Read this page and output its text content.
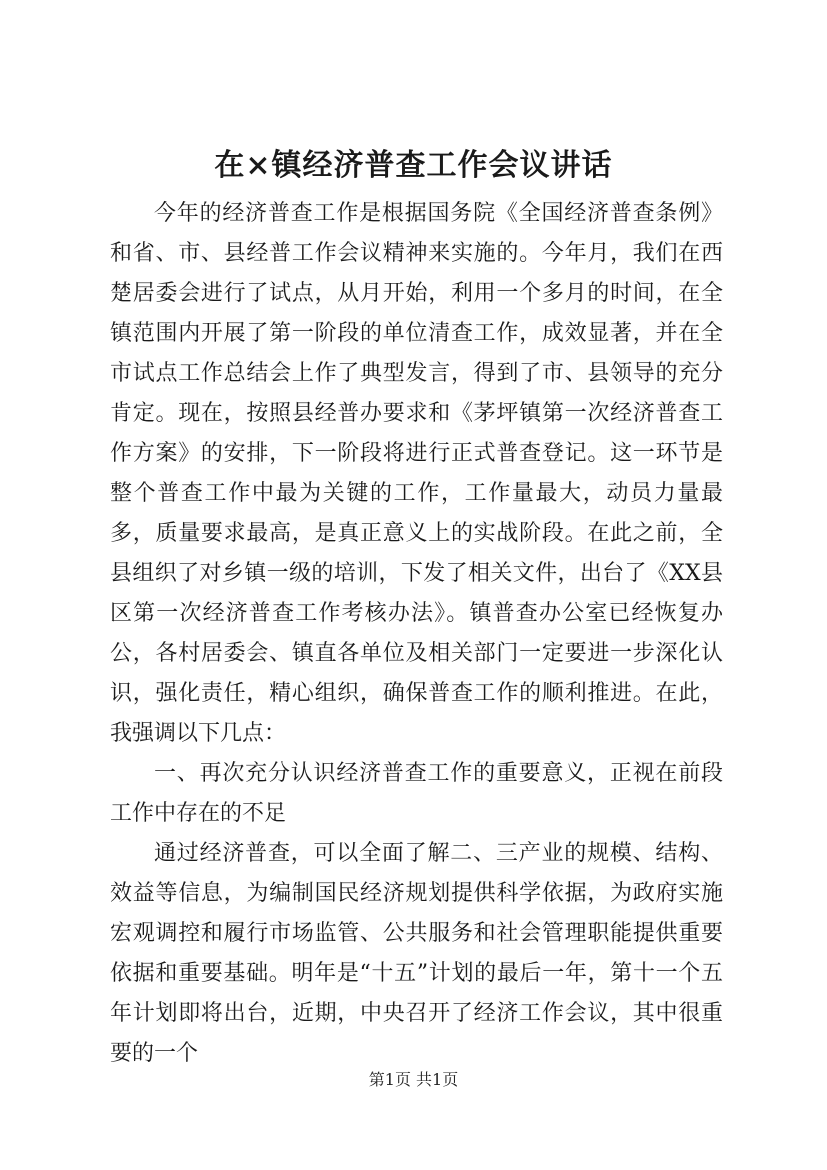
在×镇经济普查工作会议讲话

今年的经济普查工作是根据国务院《全国经济普查条例》和省、市、县经普工作会议精神来实施的。今年月，我们在西楚居委会进行了试点，从月开始，利用一个多月的时间，在全镇范围内开展了第一阶段的单位清查工作，成效显著，并在全市试点工作总结会上作了典型发言，得到了市、县领导的充分肯定。现在，按照县经普办要求和《茅坪镇第一次经济普查工作方案》的安排，下一阶段将进行正式普查登记。这一环节是整个普查工作中最为关键的工作，工作量最大，动员力量最多，质量要求最高，是真正意义上的实战阶段。在此之前，全县组织了对乡镇一级的培训，下发了相关文件，出台了《XX县区第一次经济普查工作考核办法》。镇普查办公室已经恢复办公，各村居委会、镇直各单位及相关部门一定要进一步深化认识，强化责任，精心组织，确保普查工作的顺利推进。在此，我强调以下几点：

一、再次充分认识经济普查工作的重要意义，正视在前段工作中存在的不足

通过经济普查，可以全面了解二、三产业的规模、结构、效益等信息，为编制国民经济规划提供科学依据，为政府实施宏观调控和履行市场监管、公共服务和社会管理职能提供重要依据和重要基础。明年是“十五”计划的最后一年，第十一个五年计划即将出台，近期，中央召开了经济工作会议，其中很重要的一个

第1页 共1页
